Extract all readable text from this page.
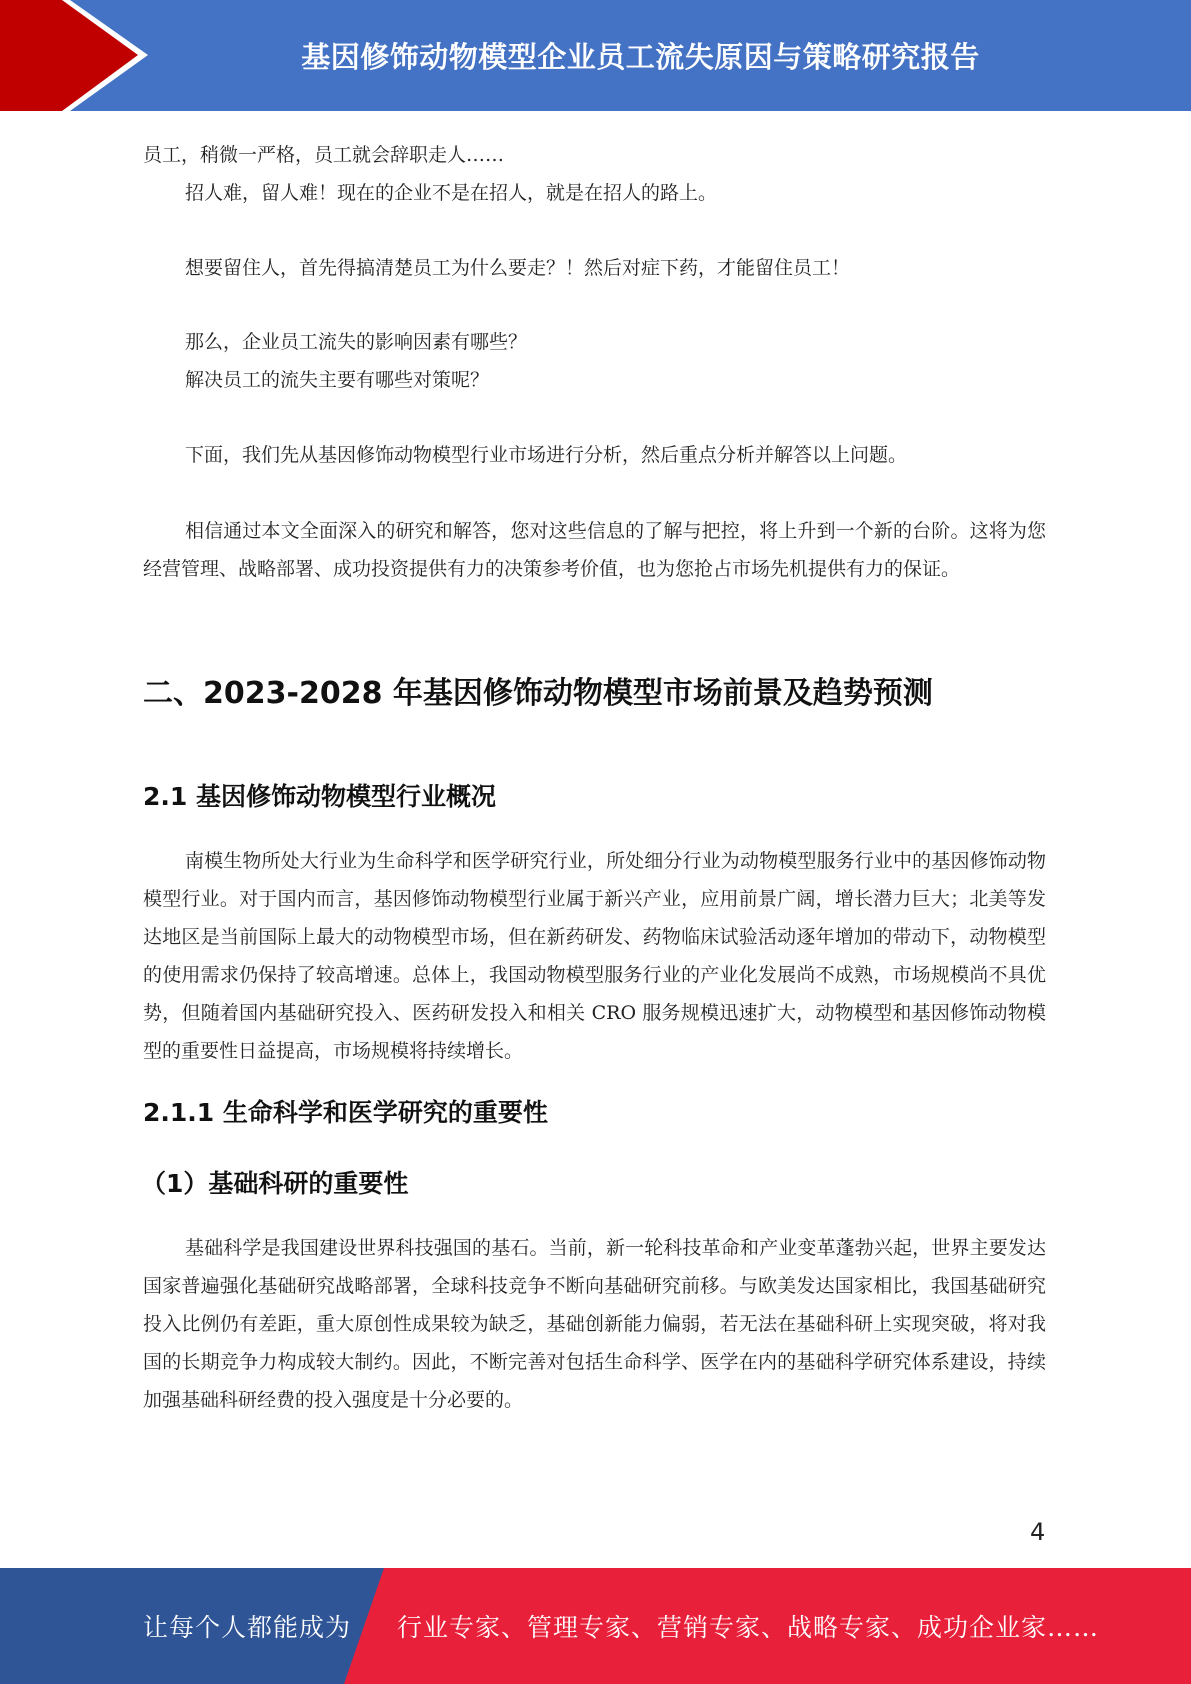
基因修饰动物模型企业员工流失原因与策略研究报告

员工，稍微一严格，员工就会辞职走人……

招人难，留人难！现在的企业不是在招人，就是在招人的路上。

想要留住人，首先得搞清楚员工为什么要走？！然后对症下药，才能留住员工！

那么，企业员工流失的影响因素有哪些？

解决员工的流失主要有哪些对策呢？

下面，我们先从基因修饰动物模型行业市场进行分析，然后重点分析并解答以上问题。

相信通过本文全面深入的研究和解答，您对这些信息的了解与把控，将上升到一个新的台阶。这将为您经营管理、战略部署、成功投资提供有力的决策参考价值，也为您抢占市场先机提供有力的保证。

二、2023-2028 年基因修饰动物模型市场前景及趋势预测
2.1 基因修饰动物模型行业概况

南模生物所处大行业为生命科学和医学研究行业，所处细分行业为动物模型服务行业中的基因修饰动物模型行业。对于国内而言，基因修饰动物模型行业属于新兴产业，应用前景广阔，增长潜力巨大；北美等发达地区是当前国际上最大的动物模型市场，但在新药研发、药物临床试验活动逐年增加的带动下，动物模型的使用需求仍保持了较高增速。总体上，我国动物模型服务行业的产业化发展尚不成熟，市场规模尚不具优势，但随着国内基础研究投入、医药研发投入和相关 CRO 服务规模迅速扩大，动物模型和基因修饰动物模型的重要性日益提高，市场规模将持续增长。

2.1.1 生命科学和医学研究的重要性
（1）基础科研的重要性

基础科学是我国建设世界科技强国的基石。当前，新一轮科技革命和产业变革蓬勃兴起，世界主要发达国家普遍强化基础研究战略部署，全球科技竞争不断向基础研究前移。与欧美发达国家相比，我国基础研究投入比例仍有差距，重大原创性成果较为缺乏，基础创新能力偏弱，若无法在基础科研上实现突破，将对我国的长期竞争力构成较大制约。因此，不断完善对包括生命科学、医学在内的基础科学研究体系建设，持续加强基础科研经费的投入强度是十分必要的。

4
让每个人都能成为 行业专家、管理专家、营销专家、战略专家、成功企业家……
